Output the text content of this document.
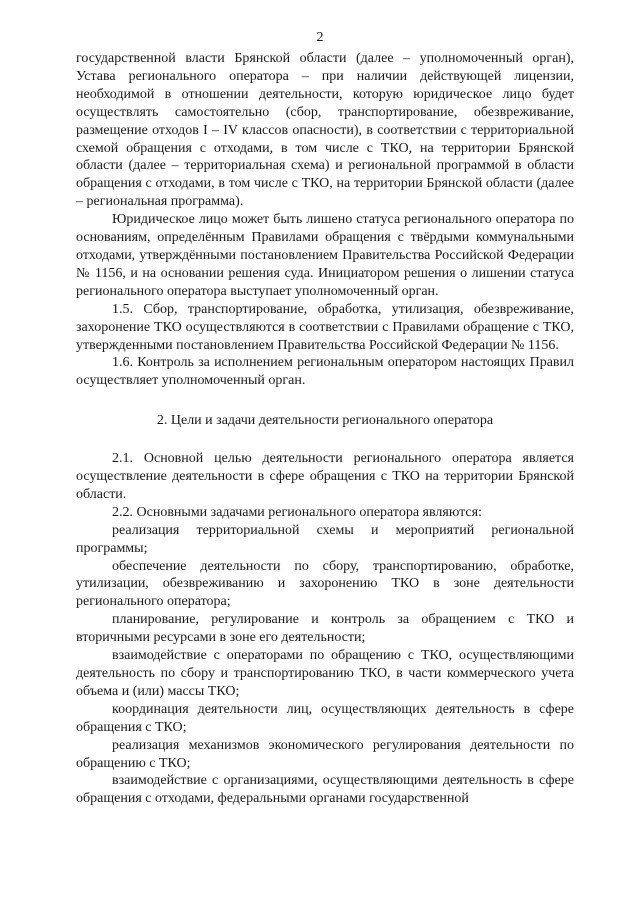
2

государственной власти Брянской области (далее – уполномоченный орган), Устава регионального оператора – при наличии действующей лицензии, необходимой в отношении деятельности, которую юридическое лицо будет осуществлять самостоятельно (сбор, транспортирование, обезвреживание, размещение отходов I – IV классов опасности), в соответствии с территориальной схемой обращения с отходами, в том числе с ТКО, на территории Брянской области (далее – территориальная схема) и региональной программой в области обращения с отходами, в том числе с ТКО, на территории Брянской области (далее – региональная программа).

Юридическое лицо может быть лишено статуса регионального оператора по основаниям, определённым Правилами обращения с твёрдыми коммунальными отходами, утверждёнными постановлением Правительства Российской Федерации № 1156, и на основании решения суда. Инициатором решения о лишении статуса регионального оператора выступает уполномоченный орган.

1.5. Сбор, транспортирование, обработка, утилизация, обезвреживание, захоронение ТКО осуществляются в соответствии с Правилами обращение с ТКО, утвержденными постановлением Правительства Российской Федерации № 1156.

1.6. Контроль за исполнением региональным оператором настоящих Правил осуществляет уполномоченный орган.

2. Цели и задачи деятельности регионального оператора

2.1. Основной целью деятельности регионального оператора является осуществление деятельности в сфере обращения с ТКО на территории Брянской области.

2.2. Основными задачами регионального оператора являются:

реализация территориальной схемы и мероприятий региональной программы;

обеспечение деятельности по сбору, транспортированию, обработке, утилизации, обезвреживанию и захоронению ТКО в зоне деятельности регионального оператора;

планирование, регулирование и контроль за обращением с ТКО и вторичными ресурсами в зоне его деятельности;

взаимодействие с операторами по обращению с ТКО, осуществляющими деятельность по сбору и транспортированию ТКО, в части коммерческого учета объема и (или) массы ТКО;

координация деятельности лиц, осуществляющих деятельность в сфере обращения с ТКО;

реализация механизмов экономического регулирования деятельности по обращению с ТКО;

взаимодействие с организациями, осуществляющими деятельность в сфере обращения с отходами, федеральными органами государственной
